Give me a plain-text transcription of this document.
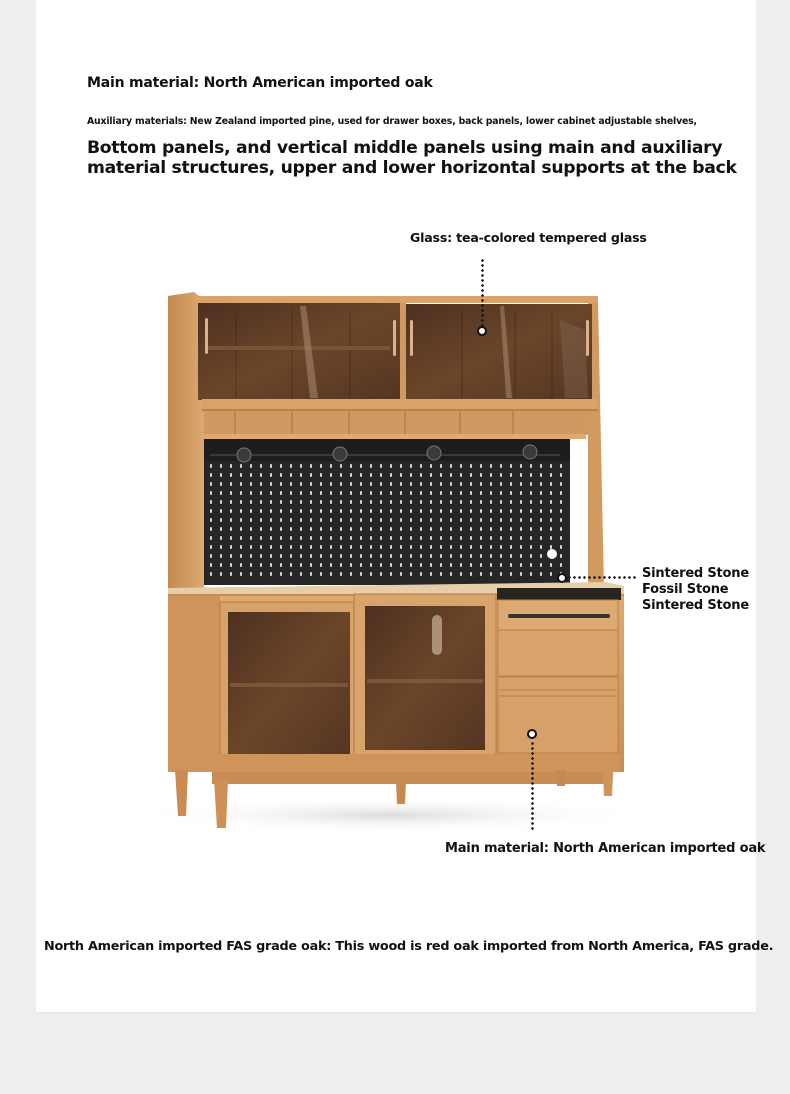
Main material: North American imported oak
Auxiliary materials: New Zealand imported pine, used for drawer boxes, back panels, lower cabinet adjustable shelves,
Bottom panels, and vertical middle panels using main and auxiliary
material structures, upper and lower horizontal supports at the back
Glass: tea-colored tempered glass
Sintered Stone
Fossil Stone
Sintered Stone
Main material: North American imported oak
North American imported FAS grade oak: This wood is red oak imported from North America, FAS grade.
